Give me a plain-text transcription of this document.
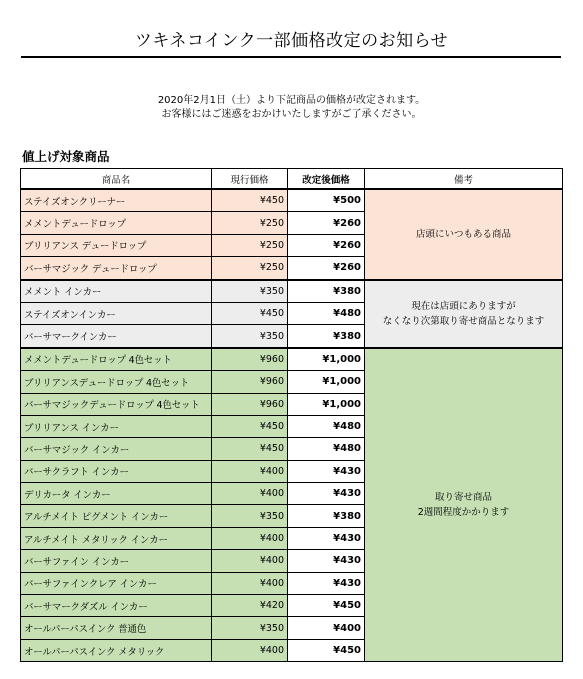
ツキネコインク一部価格改定のお知らせ
2020年2月1日（土）より下記商品の価格が改定されます。
お客様にはご迷惑をおかけいたしますがご了承ください。
値上げ対象商品
商品名	現行価格	改定後価格	備考
ステイズオンクリーナー	¥450	¥500	店頭にいつもある商品

メメントデュードロップ	¥250	¥260	
ブリリアンス デュードロップ	¥250	¥260	
バーサマジック デュードロップ	¥250	¥260	
メメント インカー	¥350	¥380	現在は店頭にありますが
なくなり次第取り寄せ商品となります

ステイズオンインカー	¥450	¥480	
バーサマークインカー	¥350	¥380	
メメントデュードロップ 4色セット	¥960	¥1,000	取り寄せ商品
2週間程度かかります

ブリリアンスデュードロップ 4色セット	¥960	¥1,000	
バーサマジックデュードロップ 4色セット	¥960	¥1,000	
ブリリアンス インカー	¥450	¥480	
バーサマジック インカー	¥450	¥480	
バーサクラフト インカー	¥400	¥430	
デリカータ インカー	¥400	¥430	
アルチメイト ピグメント インカー	¥350	¥380	
アルチメイト メタリック インカー	¥400	¥430	
バーサファイン インカー	¥400	¥430	
バーサファインクレア インカー	¥400	¥430	
バーサマークダズル インカー	¥420	¥450	
オールパーパスインク 普通色	¥350	¥400	
オールパーパスインク メタリック	¥400	¥450	
